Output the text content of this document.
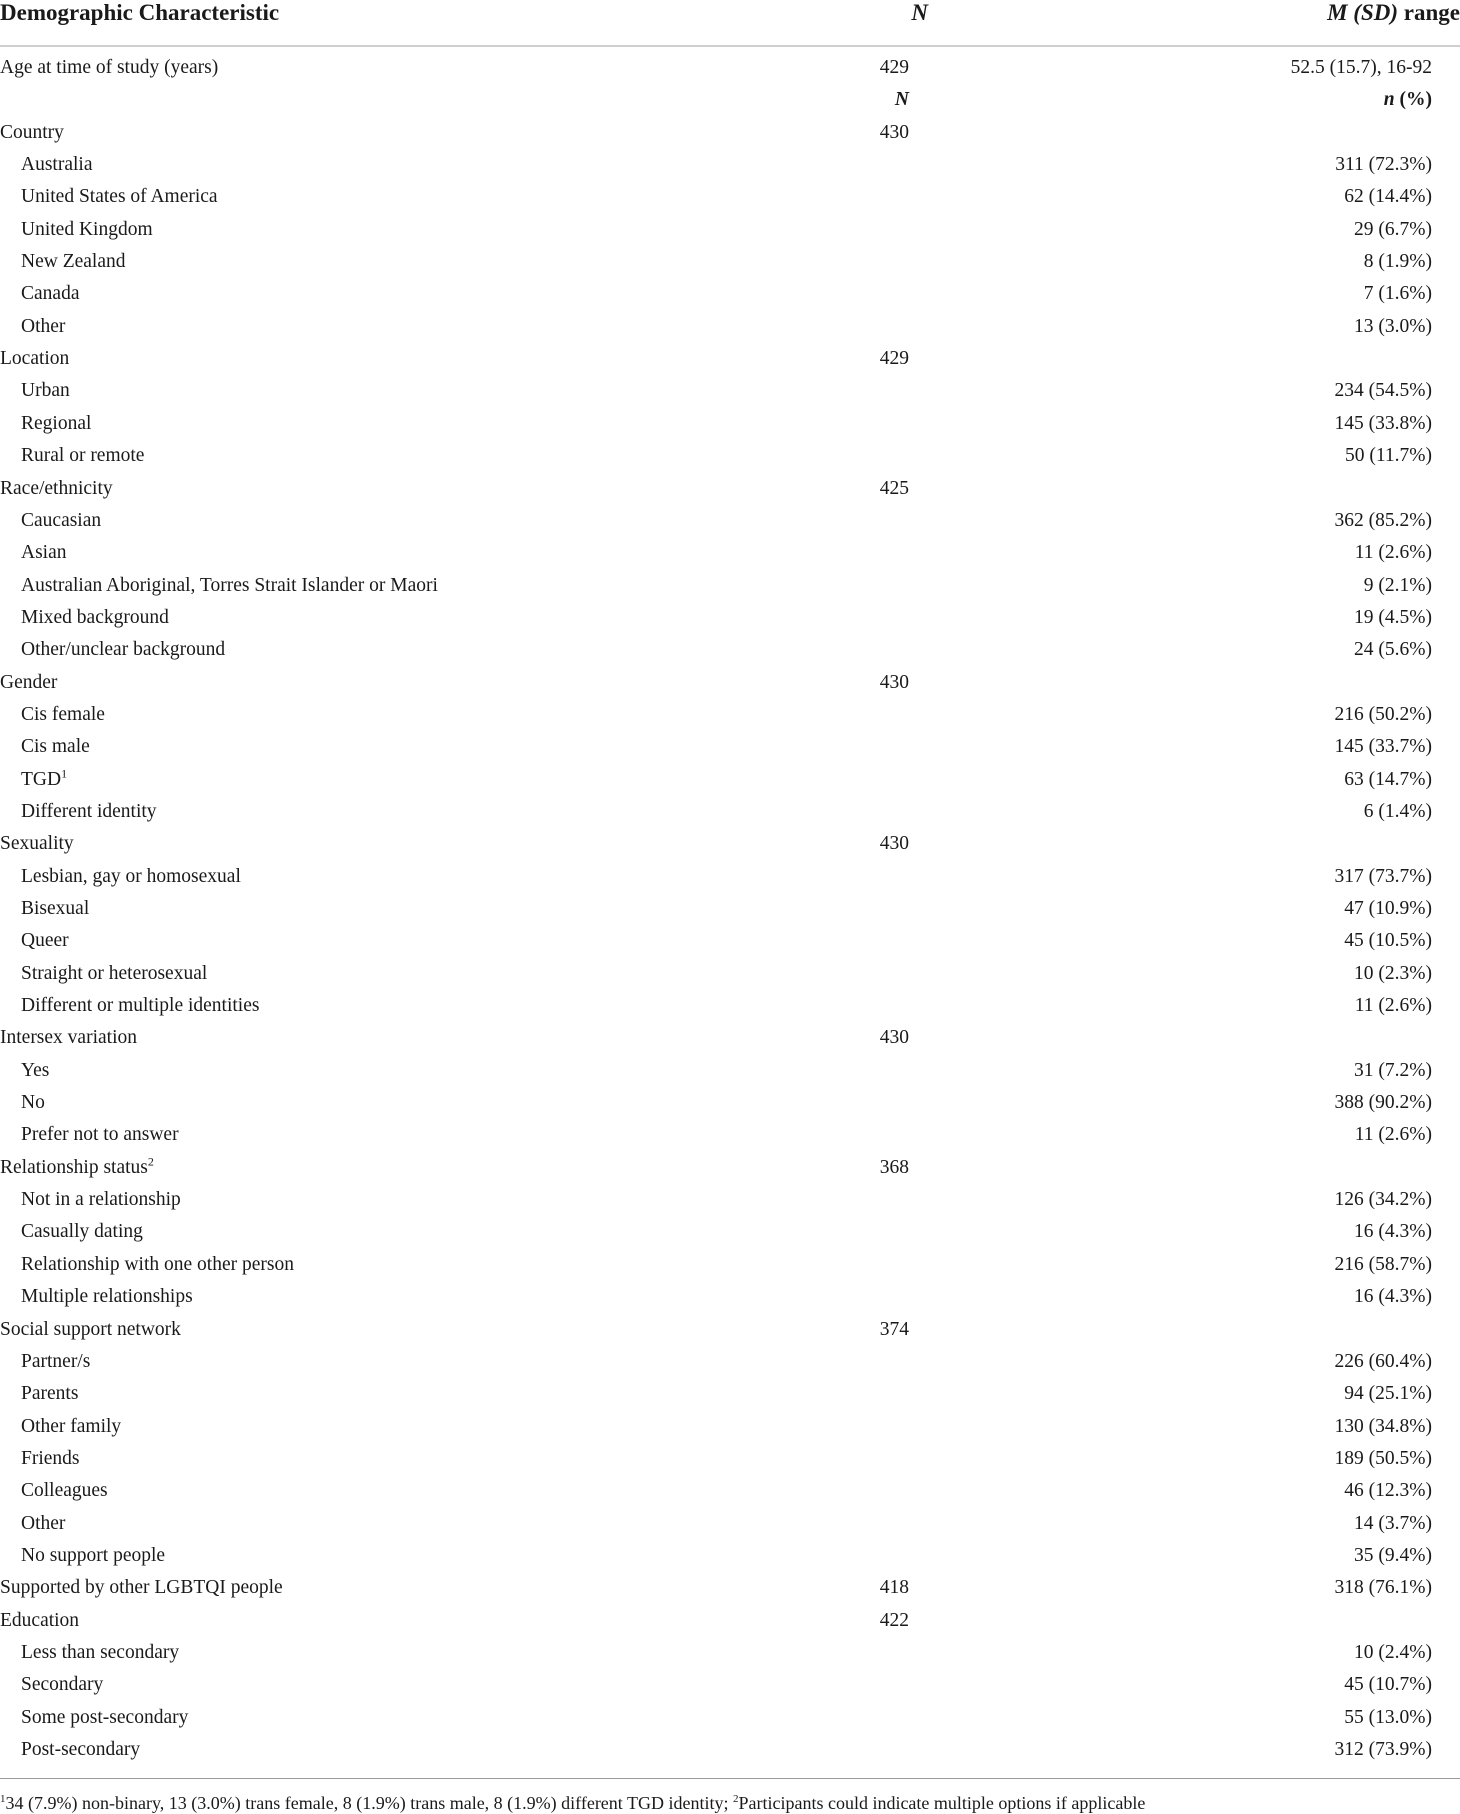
Demographic Characteristic	N	M (SD) range
Age at time of study (years)	429	52.5 (15.7), 16-92
N	n (%)
Country	430
Australia	311 (72.3%)
United States of America	62 (14.4%)
United Kingdom	29 (6.7%)
New Zealand	8 (1.9%)
Canada	7 (1.6%)
Other	13 (3.0%)
Location	429
Urban	234 (54.5%)
Regional	145 (33.8%)
Rural or remote	50 (11.7%)
Race/ethnicity	425
Caucasian	362 (85.2%)
Asian	11 (2.6%)
Australian Aboriginal, Torres Strait Islander or Maori	9 (2.1%)
Mixed background	19 (4.5%)
Other/unclear background	24 (5.6%)
Gender	430
Cis female	216 (50.2%)
Cis male	145 (33.7%)
TGD$^1$	63 (14.7%)
Different identity	6 (1.4%)
Sexuality	430
Lesbian, gay or homosexual	317 (73.7%)
Bisexual	47 (10.9%)
Queer	45 (10.5%)
Straight or heterosexual	10 (2.3%)
Different or multiple identities	11 (2.6%)
Intersex variation	430
Yes	31 (7.2%)
No	388 (90.2%)
Prefer not to answer	11 (2.6%)
Relationship status$^2$	368
Not in a relationship	126 (34.2%)
Casually dating	16 (4.3%)
Relationship with one other person	216 (58.7%)
Multiple relationships	16 (4.3%)
Social support network	374
Partner/s	226 (60.4%)
Parents	94 (25.1%)
Other family	130 (34.8%)
Friends	189 (50.5%)
Colleagues	46 (12.3%)
Other	14 (3.7%)
No support people	35 (9.4%)
Supported by other LGBTQI people	418	318 (76.1%)
Education	422
Less than secondary	10 (2.4%)
Secondary	45 (10.7%)
Some post-secondary	55 (13.0%)
Post-secondary	312 (73.9%)
$^1$34 (7.9%) non-binary, 13 (3.0%) trans female, 8 (1.9%) trans male, 8 (1.9%) different TGD identity; $^2$Participants could indicate multiple options if applicable
